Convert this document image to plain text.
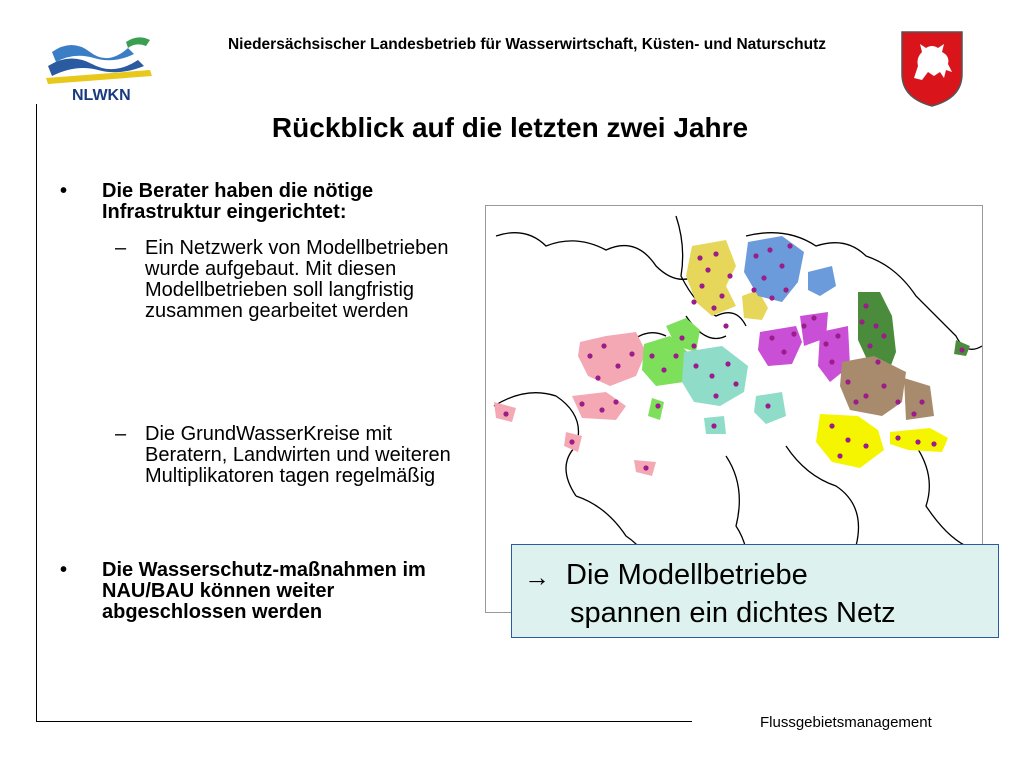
NLWKN
Niedersächsischer Landesbetrieb für Wasserwirtschaft, Küsten- und Naturschutz
Rückblick auf die letzten zwei Jahre
• Die Berater haben die nötige Infrastruktur eingerichtet:
– Ein Netzwerk von Modellbetrieben wurde aufgebaut. Mit diesen Modellbetrieben soll langfristig zusammen gearbeitet werden
– Die GrundWasserKreise mit Beratern, Landwirten und weiteren Multiplikatoren tagen regelmäßig
• Die Wasserschutz-maßnahmen im NAU/BAU können weiter abgeschlossen werden
→ Die Modellbetriebe
spannen ein dichtes Netz
Flussgebietsmanagement
